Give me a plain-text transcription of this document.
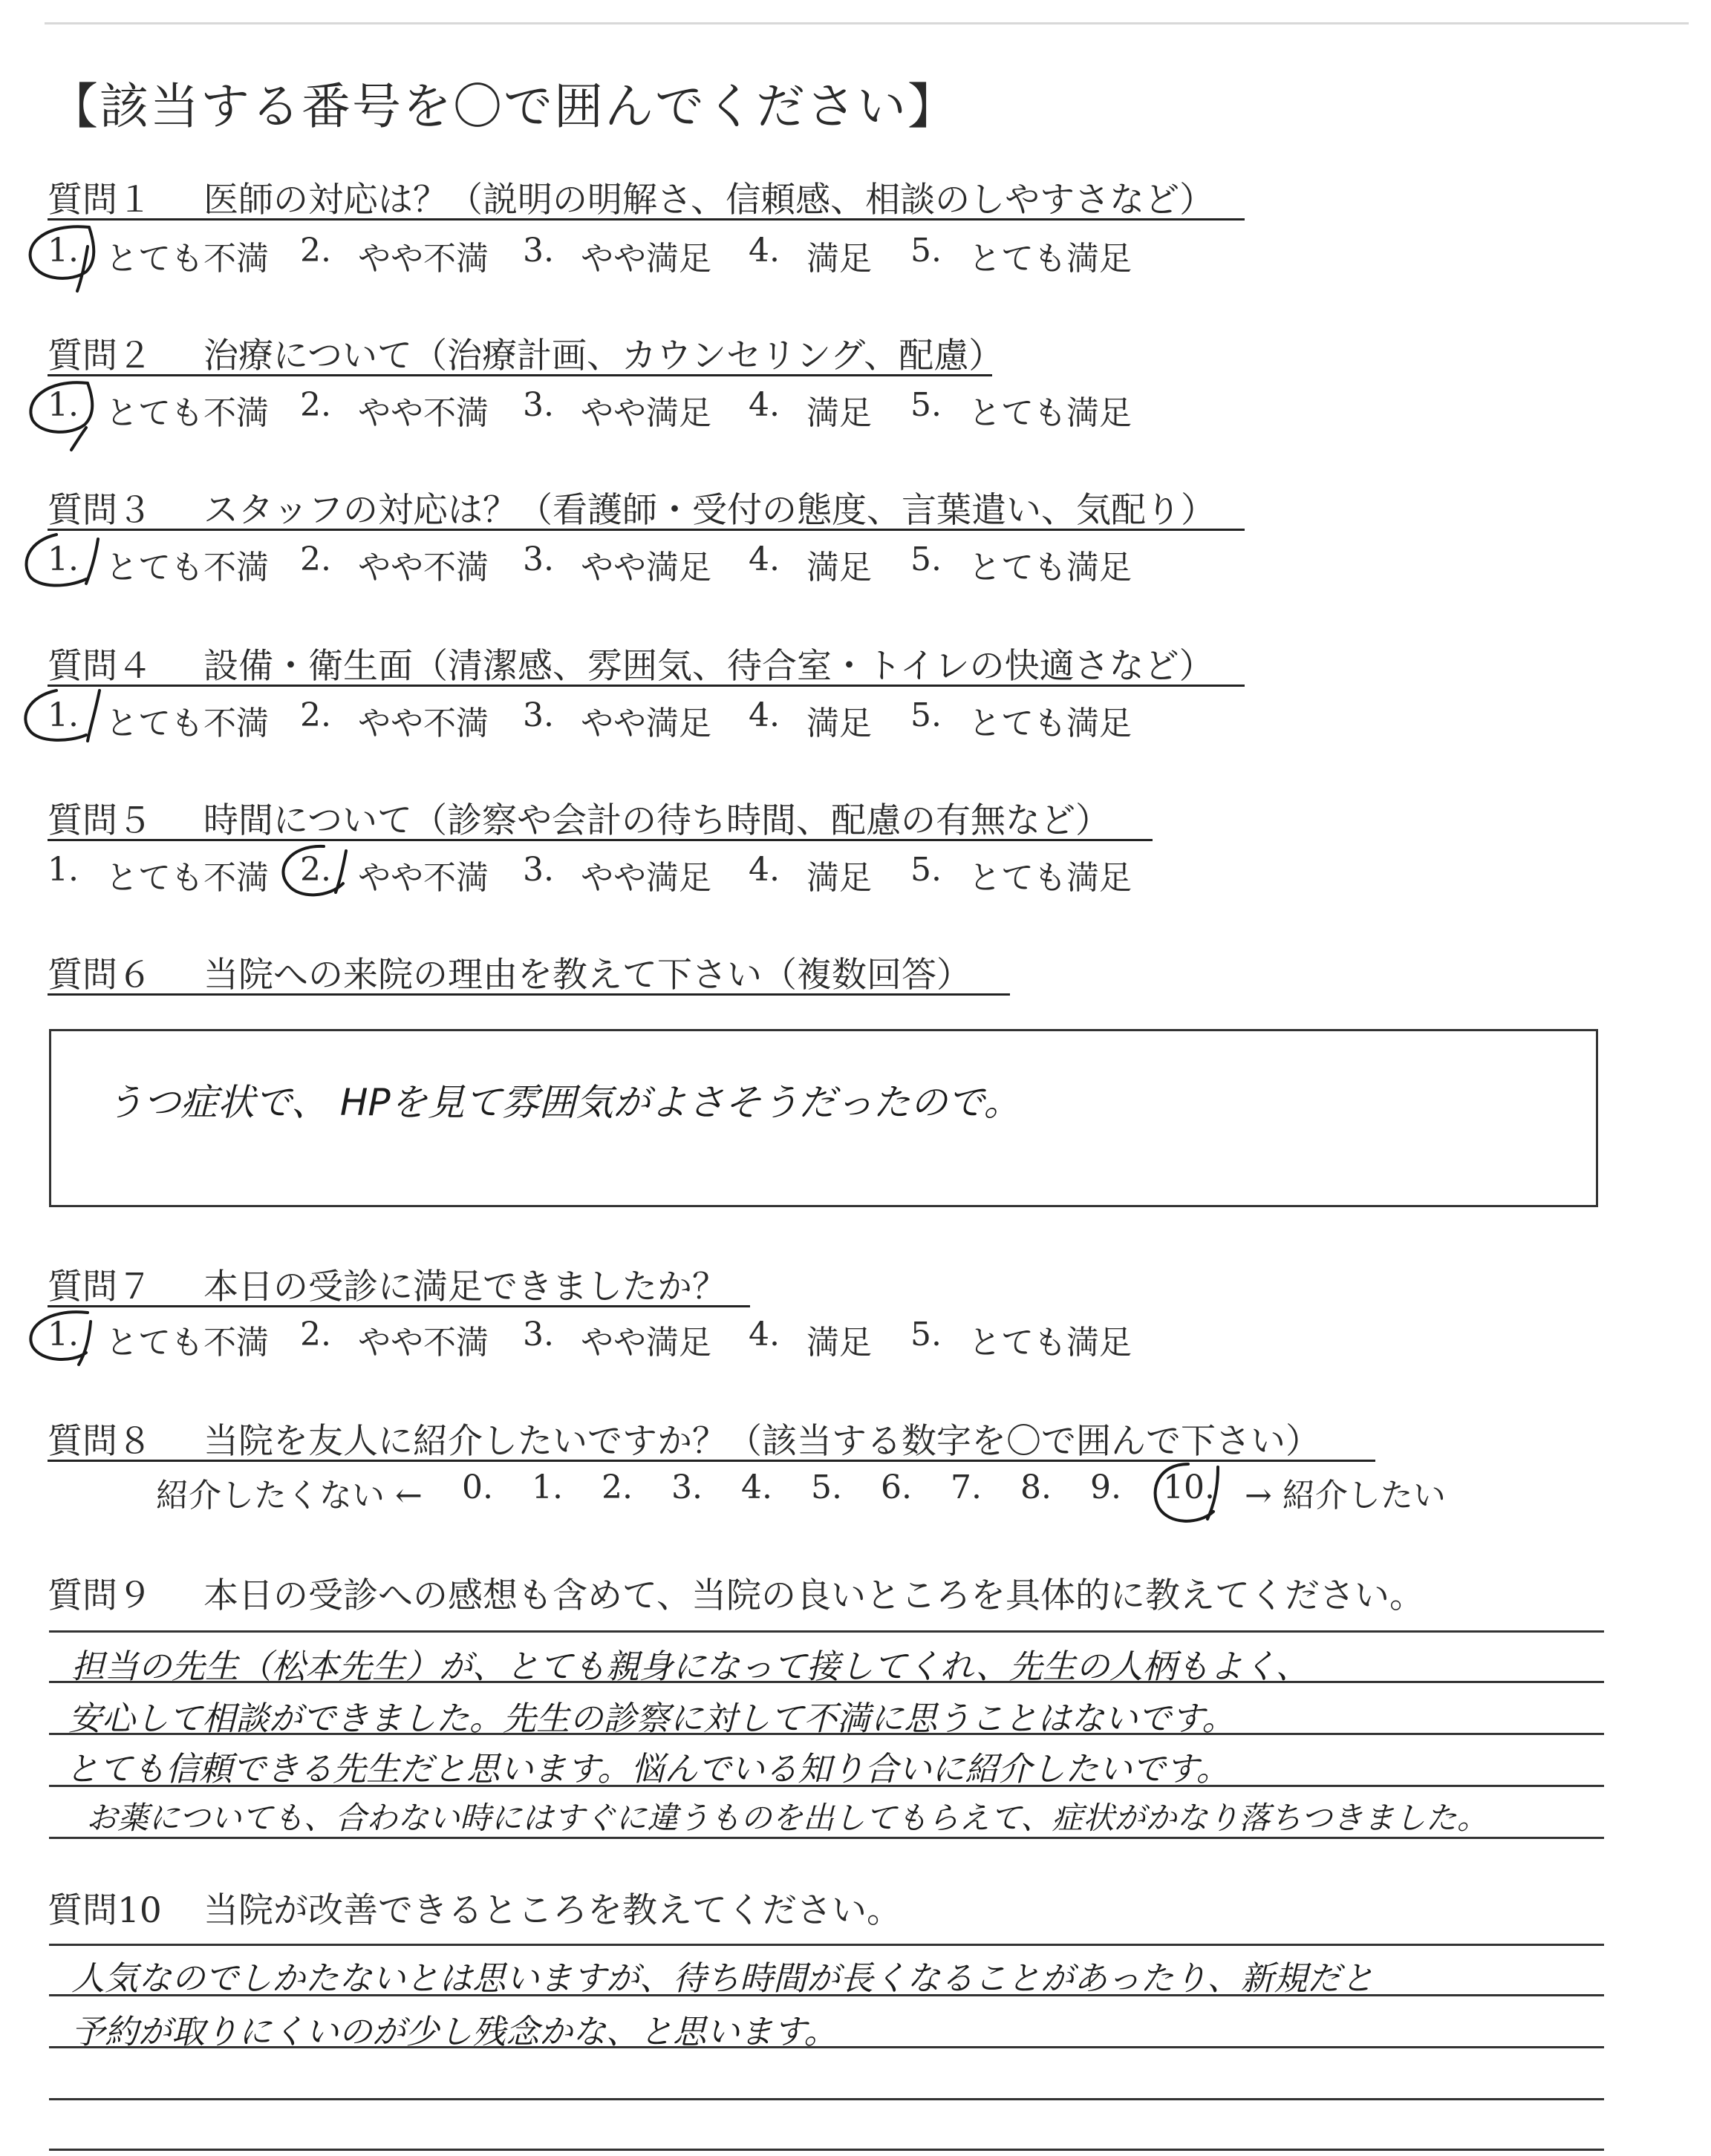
【該当する番号を〇で囲んでください】
質問１ 医師の対応は？（説明の明解さ、信頼感、相談のしやすさなど）
1. とても不満 2. やや不満 3. やや満足 4. 満足 5. とても満足
質問２ 治療について（治療計画、カウンセリング、配慮）
1. とても不満 2. やや不満 3. やや満足 4. 満足 5. とても満足
質問３ スタッフの対応は？（看護師・受付の態度、言葉遣い、気配り）
1. とても不満 2. やや不満 3. やや満足 4. 満足 5. とても満足
質問４ 設備・衛生面（清潔感、雰囲気、待合室・トイレの快適さなど）
1. とても不満 2. やや不満 3. やや満足 4. 満足 5. とても満足
質問５ 時間について（診察や会計の待ち時間、配慮の有無など）
1. とても不満 2. やや不満 3. やや満足 4. 満足 5. とても満足
質問６ 当院への来院の理由を教えて下さい（複数回答）
うつ症状で、 HPを見て雰囲気がよさそうだったので。
質問７ 本日の受診に満足できましたか？
1. とても不満 2. やや不満 3. やや満足 4. 満足 5. とても満足
質問８ 当院を友人に紹介したいですか？（該当する数字を〇で囲んで下さい）
紹介したくない ← 0. 1. 2. 3. 4. 5. 6. 7. 8. 9. 10. → 紹介したい
質問９ 本日の受診への感想も含めて、当院の良いところを具体的に教えてください。
担当の先生（松本先生）が、とても親身になって接してくれ、先生の人柄もよく、
安心して相談ができました。先生の診察に対して不満に思うことはないです。
とても信頼できる先生だと思います。悩んでいる知り合いに紹介したいです。
お薬についても、合わない時にはすぐに違うものを出してもらえて、症状がかなり落ちつきました。
質問10 当院が改善できるところを教えてください。
人気なのでしかたないとは思いますが、待ち時間が長くなることがあったり、新規だと
予約が取りにくいのが少し残念かな、と思います。
